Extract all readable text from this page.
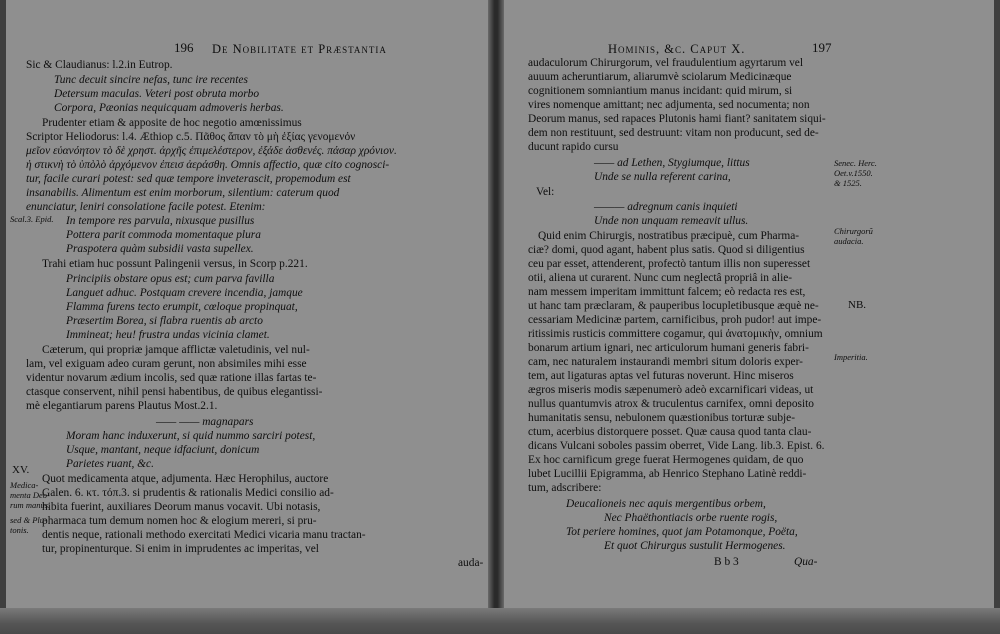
196 De Nobilitate et Præstantia
Sic & Claudianus: l.2.in Eutrop.
Tunc decuit sincire nefas, tunc ire recentes
Detersum maculas. Veteri post obruta morbo
Corpora, Pæonias nequicquam admoveris herbas.
Prudenter etiam & apposite de hoc negotio amœnissimus
Scriptor Heliodorus: l.4. Æthiop c.5. Πᾶθος ἅπαν τὸ μὴ ἐξίας γενομενόν
μεῖον εὐανόητον τὸ δὲ χρηστ. ἀρχῆς ἐπιμελέστερον, ἐξάδε ἀσθενές. πάσαρ χρόνιον.
ἡ στικνὴ τὸ ὑπὸλὸ ἀρχόμενον ἐπεισ ἀεράσθη. Omnis affectio, quæ cito cognosci-
tur, facile curari potest: sed quæ tempore inveterascit, propemodum est
insanabilis. Alimentum est enim morborum, silentium: caterum quod
enunciatur, leniri consolatione facile potest. Etenim:
In tempore res parvula, nixusque pusillus
Pottera parit commoda momentaque plura
Praspotera quàm subsidii vasta supellex.
Trahi etiam huc possunt Palingenii versus, in Scorp p.221.
Principiis obstare opus est; cum parva favilla
Languet adhuc. Postquam crevere incendia, jamque
Flamma furens tecto erumpit, cœloque propinquat,
Præsertim Borea, si flabra ruentis ab arcto
Immineat; heu! frustra undas vicinia clamet.
Cæterum, qui propriæ jamque afflictæ valetudinis, vel nul-
lam, vel exiguam adeo curam gerunt, non absimiles mihi esse
videntur novarum ædium incolis, sed quæ ratione illas fartas te-
ctasque conservent, nihil pensi habentibus, de quibus elegantissi-
mè elegantiarum parens Plautus Most.2.1.
—— —— magnapars
Moram hanc induxerunt, si quid nummo sarciri potest,
Usque, mantant, neque idfaciunt, donicum
Parietes ruant, &c.
Quot medicamenta atque, adjumenta. Hæc Herophilus, auctore
Galen. 6. κτ. τόπ.3. si prudentis & rationalis Medici consilio ad-
hibita fuerint, auxiliares Deorum manus vocavit. Ubi notasis,
pharmaca tum demum nomen hoc & elogium mereri, si pru-
dentis neque, rationali methodo exercitati Medici vicaria manu tractan-
tur, propinenturque. Si enim in imprudentes ac imperitas, vel
auda-
Scal.3. Epid.
XV.
Medica-
menta Deo-
rum manus.
sed & Plu-
tonis.
Hominis, &c. Caput X.	197
audaculorum Chirurgorum, vel fraudulentium agyrtarum vel
auuum acheruntiarum, aliarumvè sciolarum Medicinæque
cognitionem somniantium manus incidant: quid mirum, si
vires nomenque amittant; nec adjumenta, sed nocumenta; non
Deorum manus, sed rapaces Plutonis hami fiant? sanitatem siqui-
dem non restituunt, sed destruunt: vitam non producunt, sed de-
ducunt rapido cursu
—— ad Lethen, Stygiumque, littus
Unde se nulla referent carina,
Vel:
——— adregnum canis inquieti
Unde non unquam remeavit ullus.
Quid enim Chirurgis, nostratibus præcipuè, cum Pharma-
ciæ? domi, quod agant, habent plus satis. Quod si diligentius
ceu par esset, attenderent, profectò tantum illis non superesset
otii, aliena ut curarent. Nunc cum neglectâ propriâ in alie-
nam messem imperitam immittunt falcem; eò redacta res est,
ut hanc tam præclaram, & pauperibus locupletibusque æquè ne-
cessariam Medicinæ partem, carnificibus, proh pudor! aut impe-
ritissimis rusticis committere cogamur, qui ἀνατομικὴν, omnium
bonarum artium ignari, nec articulorum humani generis fabri-
cam, nec naturalem instaurandi membri situm doloris exper-
tem, aut ligaturas aptas vel futuras noverunt. Hinc miseros
ægros miseris modis sæpenumerò adeò excarnificari videas, ut
nullus quantumvis atrox & truculentus carnifex, omni deposito
humanitatis sensu, nebulonem quæstionibus torturæ subje-
ctum, acerbius distorquere posset. Quæ causa quod tanta clau-
dicans Vulcani soboles passim oberret, Vide Lang. lib.3. Epist. 6.
Ex hoc carnificum grege fuerat Hermogenes quidam, de quo
lubet Lucillii Epigramma, ab Henrico Stephano Latinè reddi-
tum, adscribere:
Deucalioneis nec aquis mergentibus orbem,
Nec Phaëthontiacis orbe ruente rogis,
Tot periere homines, quot jam Potamonque, Poëta,
Et quot Chirurgus sustulit Hermogenes.
B b 3	Qua-
Senec. Herc.
Oet.v.1550.
& 1525.
Chirurgorũ
audacia.
NB.
Imperitia.
